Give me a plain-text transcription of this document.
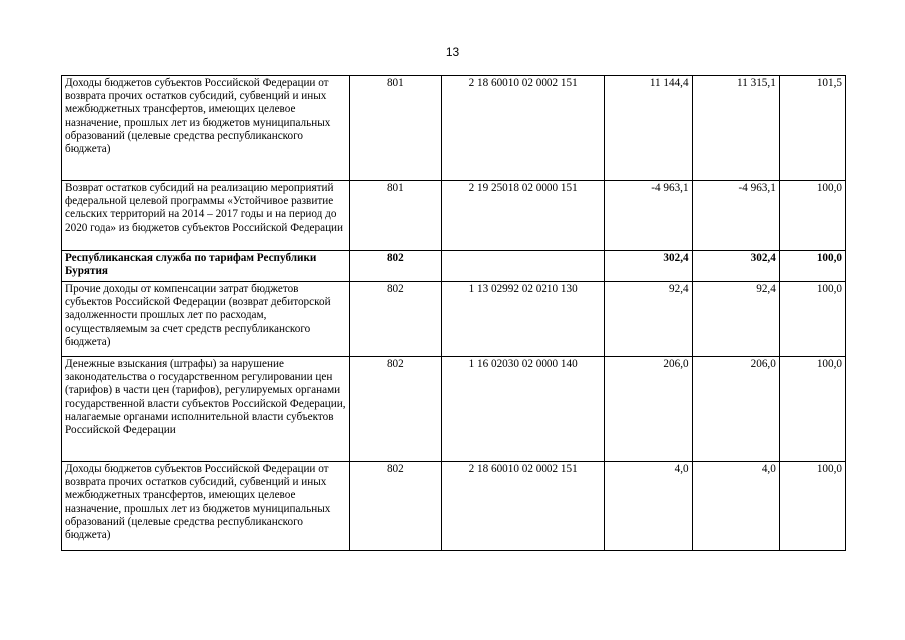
13
Доходы бюджетов субъектов Российской Федерации от возврата прочих остатков субсидий, субвенций и иных межбюджетных трансфертов, имеющих целевое назначение, прошлых лет из бюджетов муниципальных образований (целевые средства республиканского бюджета)	801	2 18 60010 02 0002 151	11 144,4	11 315,1	101,5
Возврат остатков субсидий на реализацию мероприятий федеральной целевой программы «Устойчивое развитие сельских территорий на 2014 – 2017 годы и на период до 2020 года» из бюджетов субъектов Российской Федерации	801	2 19 25018 02 0000 151	-4 963,1	-4 963,1	100,0
Республиканская служба по тарифам Республики Бурятия	802		302,4	302,4	100,0
Прочие доходы от компенсации затрат бюджетов субъектов Российской Федерации (возврат дебиторской задолженности прошлых лет по расходам, осуществляемым за счет средств республиканского бюджета)	802	1 13 02992 02 0210 130	92,4	92,4	100,0
Денежные взыскания (штрафы) за нарушение законодательства о государственном регулировании цен (тарифов) в части цен (тарифов), регулируемых органами государственной власти субъектов Российской Федерации, налагаемые органами исполнительной власти субъектов Российской Федерации	802	1 16 02030 02 0000 140	206,0	206,0	100,0
Доходы бюджетов субъектов Российской Федерации от возврата прочих остатков субсидий, субвенций и иных межбюджетных трансфертов, имеющих целевое назначение, прошлых лет из бюджетов муниципальных образований (целевые средства республиканского бюджета)	802	2 18 60010 02 0002 151	4,0	4,0	100,0
